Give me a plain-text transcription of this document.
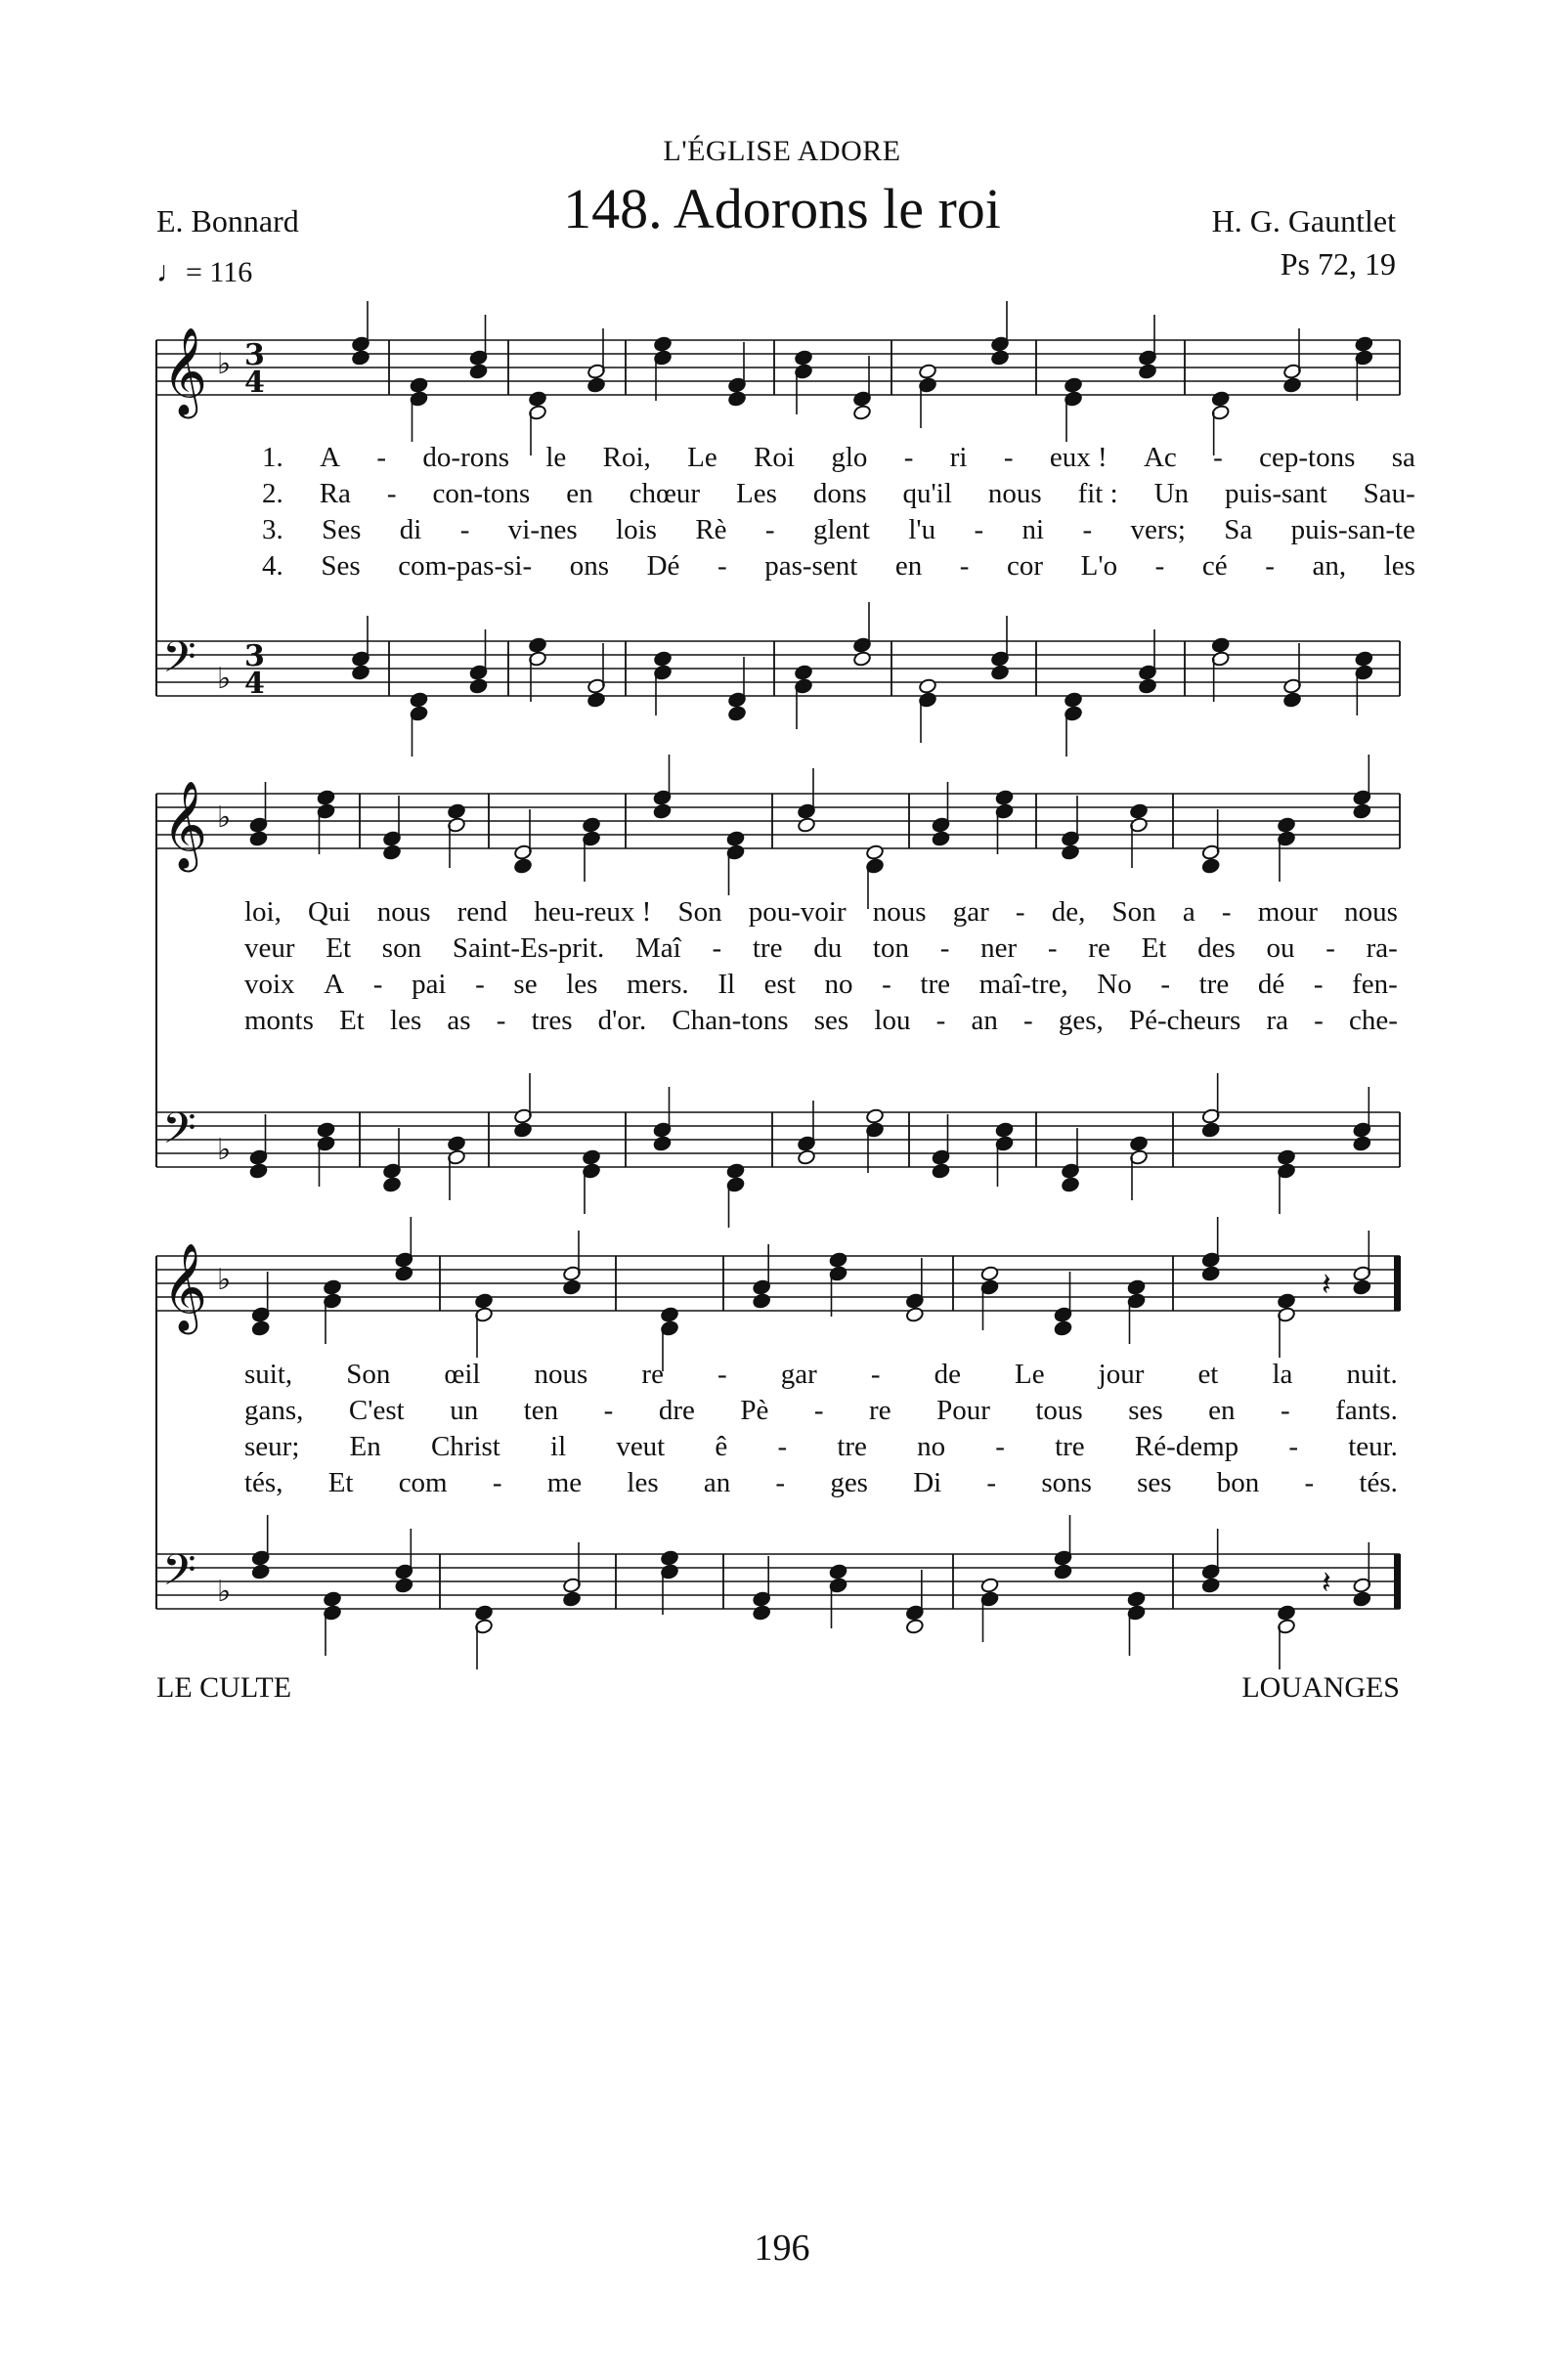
𝄞 ♭ 3
4
𝄢 ♭
3
4
𝄞 ♭
𝄢 ♭
𝄞 ♭	𝄽
𝄢 ♭	𝄽
L'ÉGLISE ADORE
148. Adorons le roi
E. Bonnard
♩= 116
H. G. Gauntlet
Ps 72, 19
1. A - do-rons le Roi, Le Roi glo - ri - eux ! Ac - cep-tons sa
2. Ra - con-tons en chœur Les dons qu'il nous fit : Un puis-sant Sau-
3. Ses di - vi-nes lois Rè - glent l'u - ni - vers; Sa puis-san-te
4. Ses com-pas-si- ons Dé - pas-sent en - cor L'o - cé - an, les
loi, Qui nous rend heu-reux ! Son pou-voir nous gar - de, Son a - mour nous
veur Et son Saint-Es-prit. Maî - tre du ton - ner - re Et des ou - ra-
voix A - pai - se les mers. Il est no - tre maî-tre, No - tre dé - fen-
monts Et les as - tres d'or. Chan-tons ses lou - an - ges, Pé-cheurs ra - che-
suit, Son œil nous re - gar - de Le jour et la nuit.
gans, C'est un ten - dre Pè - re Pour tous ses en - fants.
seur; En Christ il veut ê - tre no - tre Ré-demp - teur.
tés, Et com - me les an - ges Di - sons ses bon - tés.
LE CULTE	LOUANGES
196
